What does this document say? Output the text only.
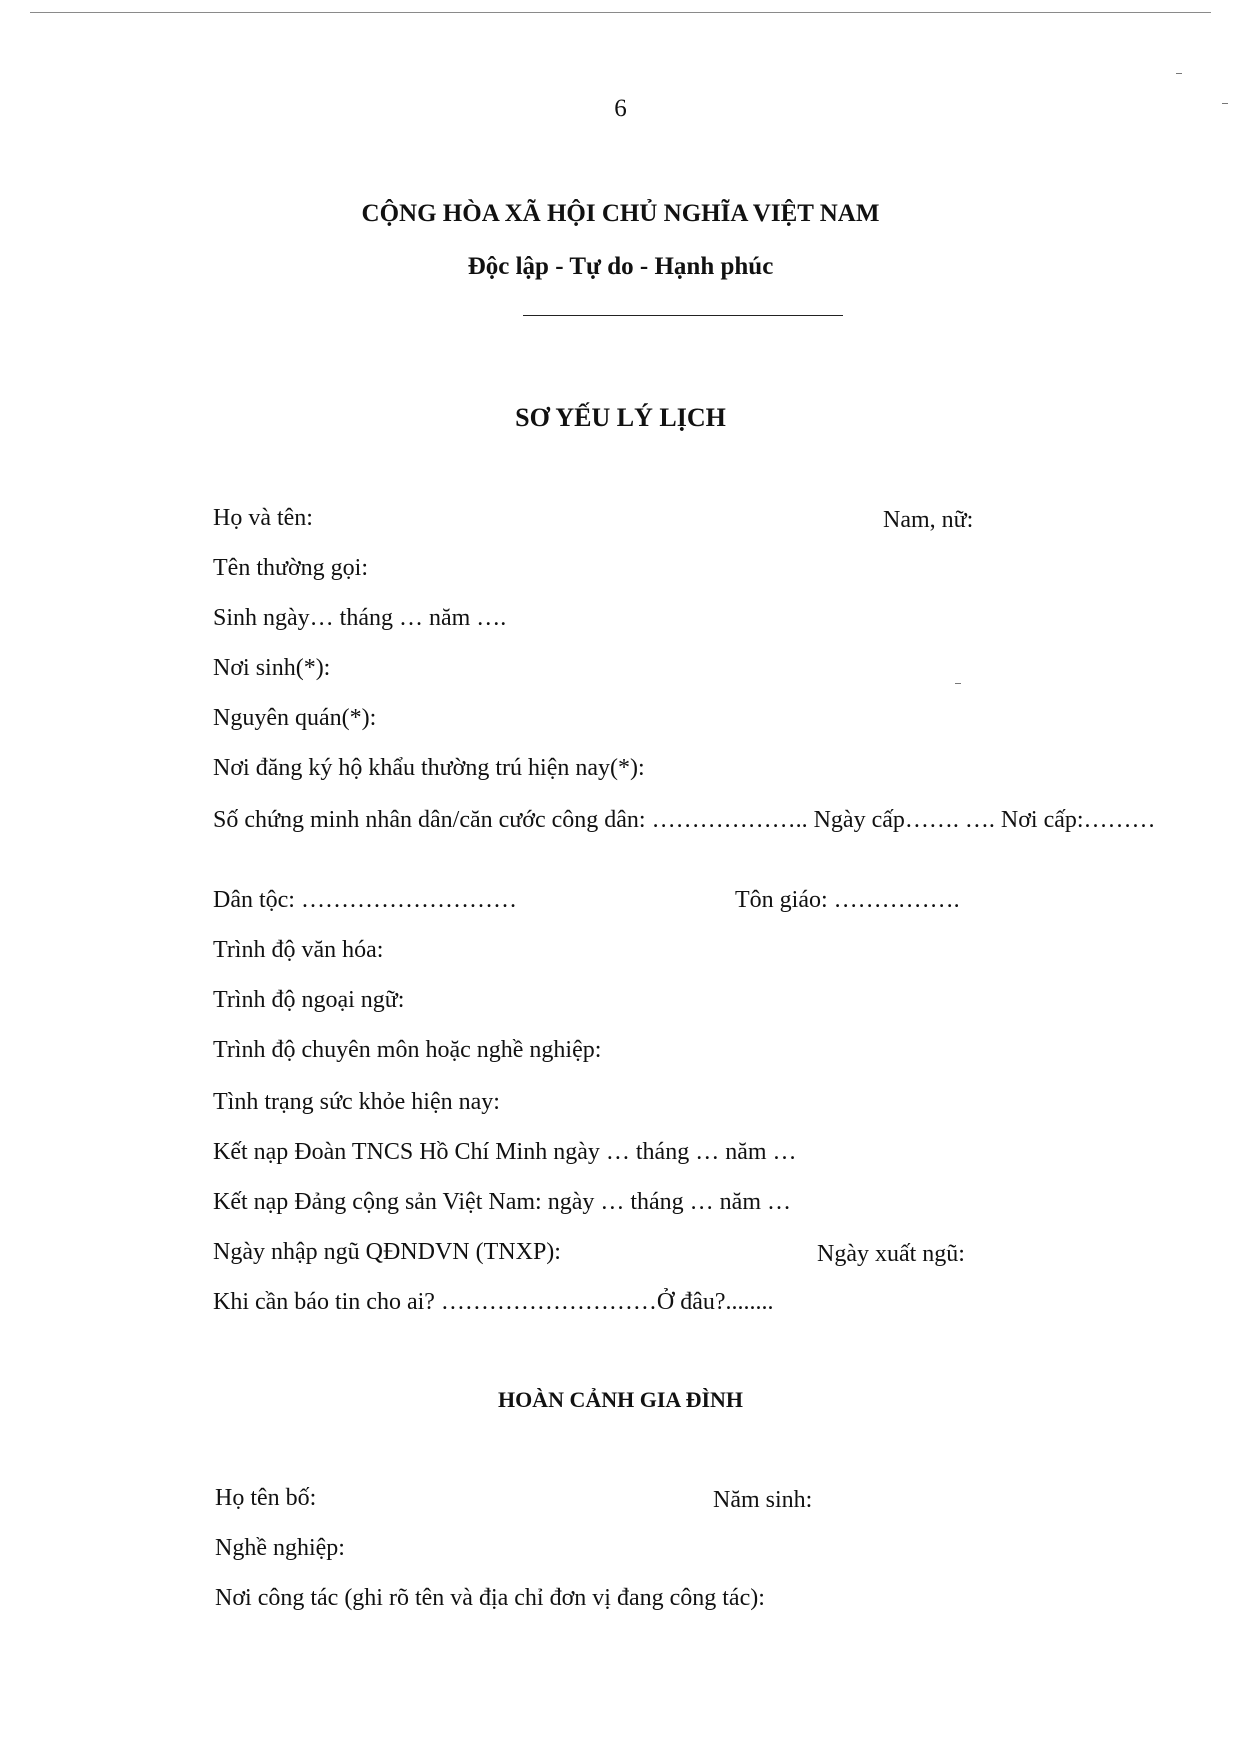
6
CỘNG HÒA XÃ HỘI CHỦ NGHĨA VIỆT NAM
Độc lập - Tự do - Hạnh phúc
SƠ YẾU LÝ LỊCH
Họ và tên:	Nam, nữ:
Tên thường gọi:
Sinh ngày… tháng … năm ….
Nơi sinh(*):
Nguyên quán(*):
Nơi đăng ký hộ khẩu thường trú hiện nay(*):
Số chứng minh nhân dân/căn cước công dân: ……………….. Ngày cấp……. …. Nơi cấp:………
Dân tộc: ………………………	Tôn giáo: …………….
Trình độ văn hóa:
Trình độ ngoại ngữ:
Trình độ chuyên môn hoặc nghề nghiệp:
Tình trạng sức khỏe hiện nay:
Kết nạp Đoàn TNCS Hồ Chí Minh ngày … tháng … năm …
Kết nạp Đảng cộng sản Việt Nam: ngày … tháng … năm …
Ngày nhập ngũ QĐNDVN (TNXP):	Ngày xuất ngũ:
Khi cần báo tin cho ai? ………………………Ở đâu?........
HOÀN CẢNH GIA ĐÌNH
Họ tên bố:	Năm sinh:
Nghề nghiệp:
Nơi công tác (ghi rõ tên và địa chỉ đơn vị đang công tác):
